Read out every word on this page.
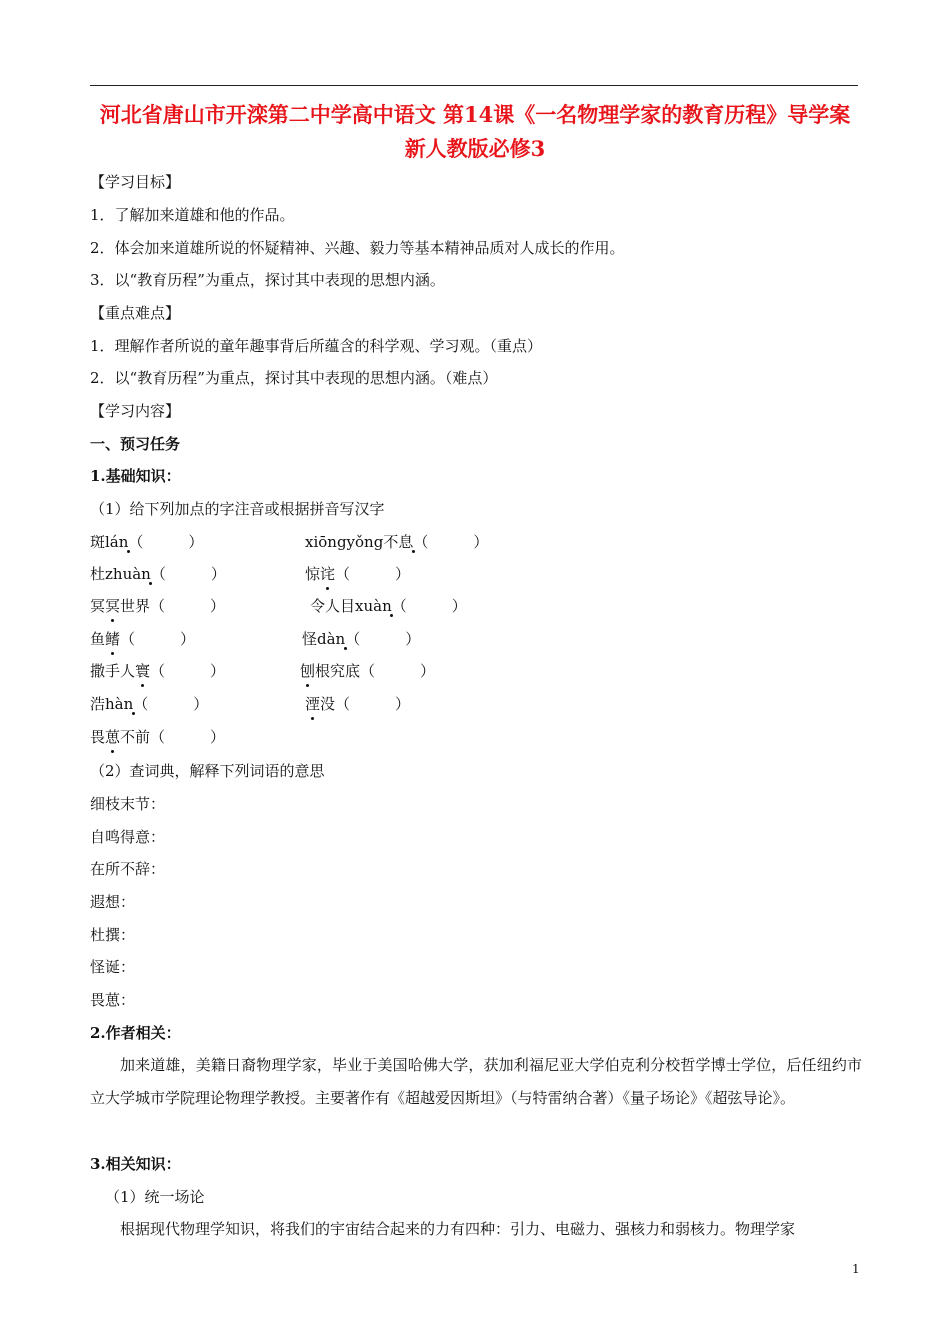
河北省唐山市开滦第二中学高中语文 第14课《一名物理学家的教育历程》导学案 新人教版必修3
【学习目标】
1．了解加来道雄和他的作品。
2．体会加来道雄所说的怀疑精神、兴趣、毅力等基本精神品质对人成长的作用。
3．以“教育历程”为重点，探讨其中表现的思想内涵。
【重点难点】
1．理解作者所说的童年趣事背后所蕴含的科学观、学习观。（重点）
2．以“教育历程”为重点，探讨其中表现的思想内涵。（难点）
【学习内容】
一、预习任务
1.基础知识：
（1）给下列加点的字注音或根据拼音写汉字
斑lán（　　　）	xiōngyǒng不息（　　　）
杜zhuàn（　　　）	惊诧（　　　）
冥冥世界（　　　）	令人目xuàn（　　　）
鱼鳍（　　　）	怪dàn（　　　）
撒手人寰（　　　）	刨根究底（　　　）
浩hàn（　　　）	湮没（　　　）
畏葸不前（　　　）
（2）查词典，解释下列词语的意思
细枝末节：
自鸣得意：
在所不辞：
遐想：
杜撰：
怪诞：
畏葸：
2.作者相关：
加来道雄，美籍日裔物理学家，毕业于美国哈佛大学，获加利福尼亚大学伯克利分校哲学博士学位，后任纽约市立大学城市学院理论物理学教授。主要著作有《超越爱因斯坦》（与特雷纳合著）《量子场论》《超弦导论》。
3.相关知识：
（1）统一场论
根据现代物理学知识，将我们的宇宙结合起来的力有四种：引力、电磁力、强核力和弱核力。物理学家
1
